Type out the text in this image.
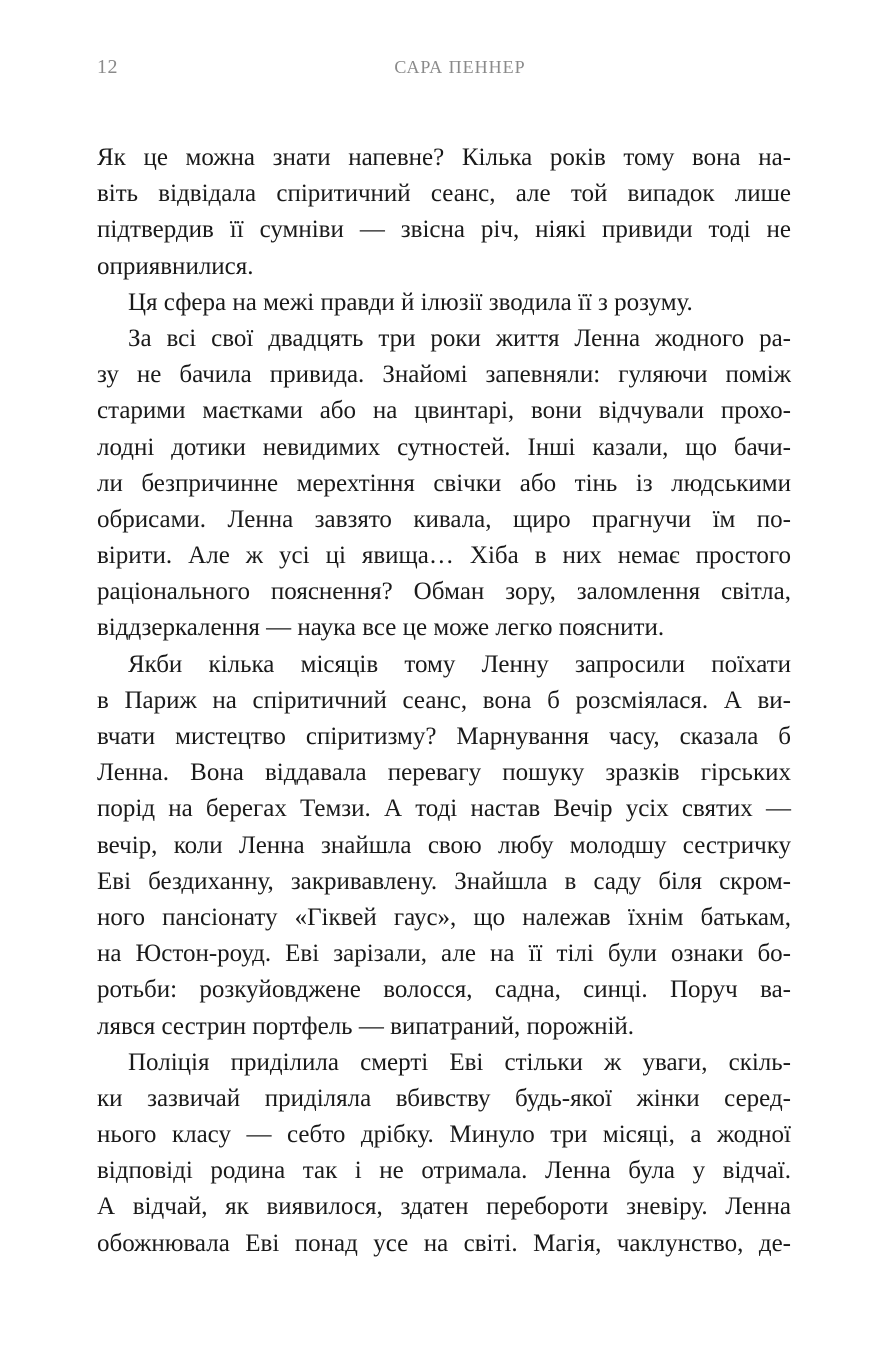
12	САРА ПЕННЕР
Як це можна знати напевне? Кілька років тому вона на-
віть відвідала спіритичний сеанс, але той випадок лише
підтвердив її сумніви — звісна річ, ніякі привиди тоді не
оприявнилися.
Ця сфера на межі правди й ілюзії зводила її з розуму.
За всі свої двадцять три роки життя Ленна жодного ра-
зу не бачила привида. Знайомі запевняли: гуляючи поміж
старими маєтками або на цвинтарі, вони відчували прохо-
лодні дотики невидимих сутностей. Інші казали, що бачи-
ли безпричинне мерехтіння свічки або тінь із людськими
обрисами. Ленна завзято кивала, щиро прагнучи їм по-
вірити. Але ж усі ці явища… Хіба в них немає простого
раціонального пояснення? Обман зору, заломлення світла,
віддзеркалення — наука все це може легко пояснити.
Якби кілька місяців тому Ленну запросили поїхати
в Париж на спіритичний сеанс, вона б розсміялася. А ви-
вчати мистецтво спіритизму? Марнування часу, сказала б
Ленна. Вона віддавала перевагу пошуку зразків гірських
порід на берегах Темзи. А тоді настав Вечір усіх святих —
вечір, коли Ленна знайшла свою любу молодшу сестричку
Еві бездиханну, закривавлену. Знайшла в саду біля скром-
ного пансіонату «Гіквей гаус», що належав їхнім батькам,
на Юстон-роуд. Еві зарізали, але на її тілі були ознаки бо-
ротьби: розкуйовджене волосся, садна, синці. Поруч ва-
лявся сестрин портфель — випатраний, порожній.
Поліція приділила смерті Еві стільки ж уваги, скіль-
ки зазвичай приділяла вбивству будь-якої жінки серед-
нього класу — себто дрібку. Минуло три місяці, а жодної
відповіді родина так і не отримала. Ленна була у відчаї.
А відчай, як виявилося, здатен перебороти зневіру. Ленна
обожнювала Еві понад усе на світі. Магія, чаклунство, де-
